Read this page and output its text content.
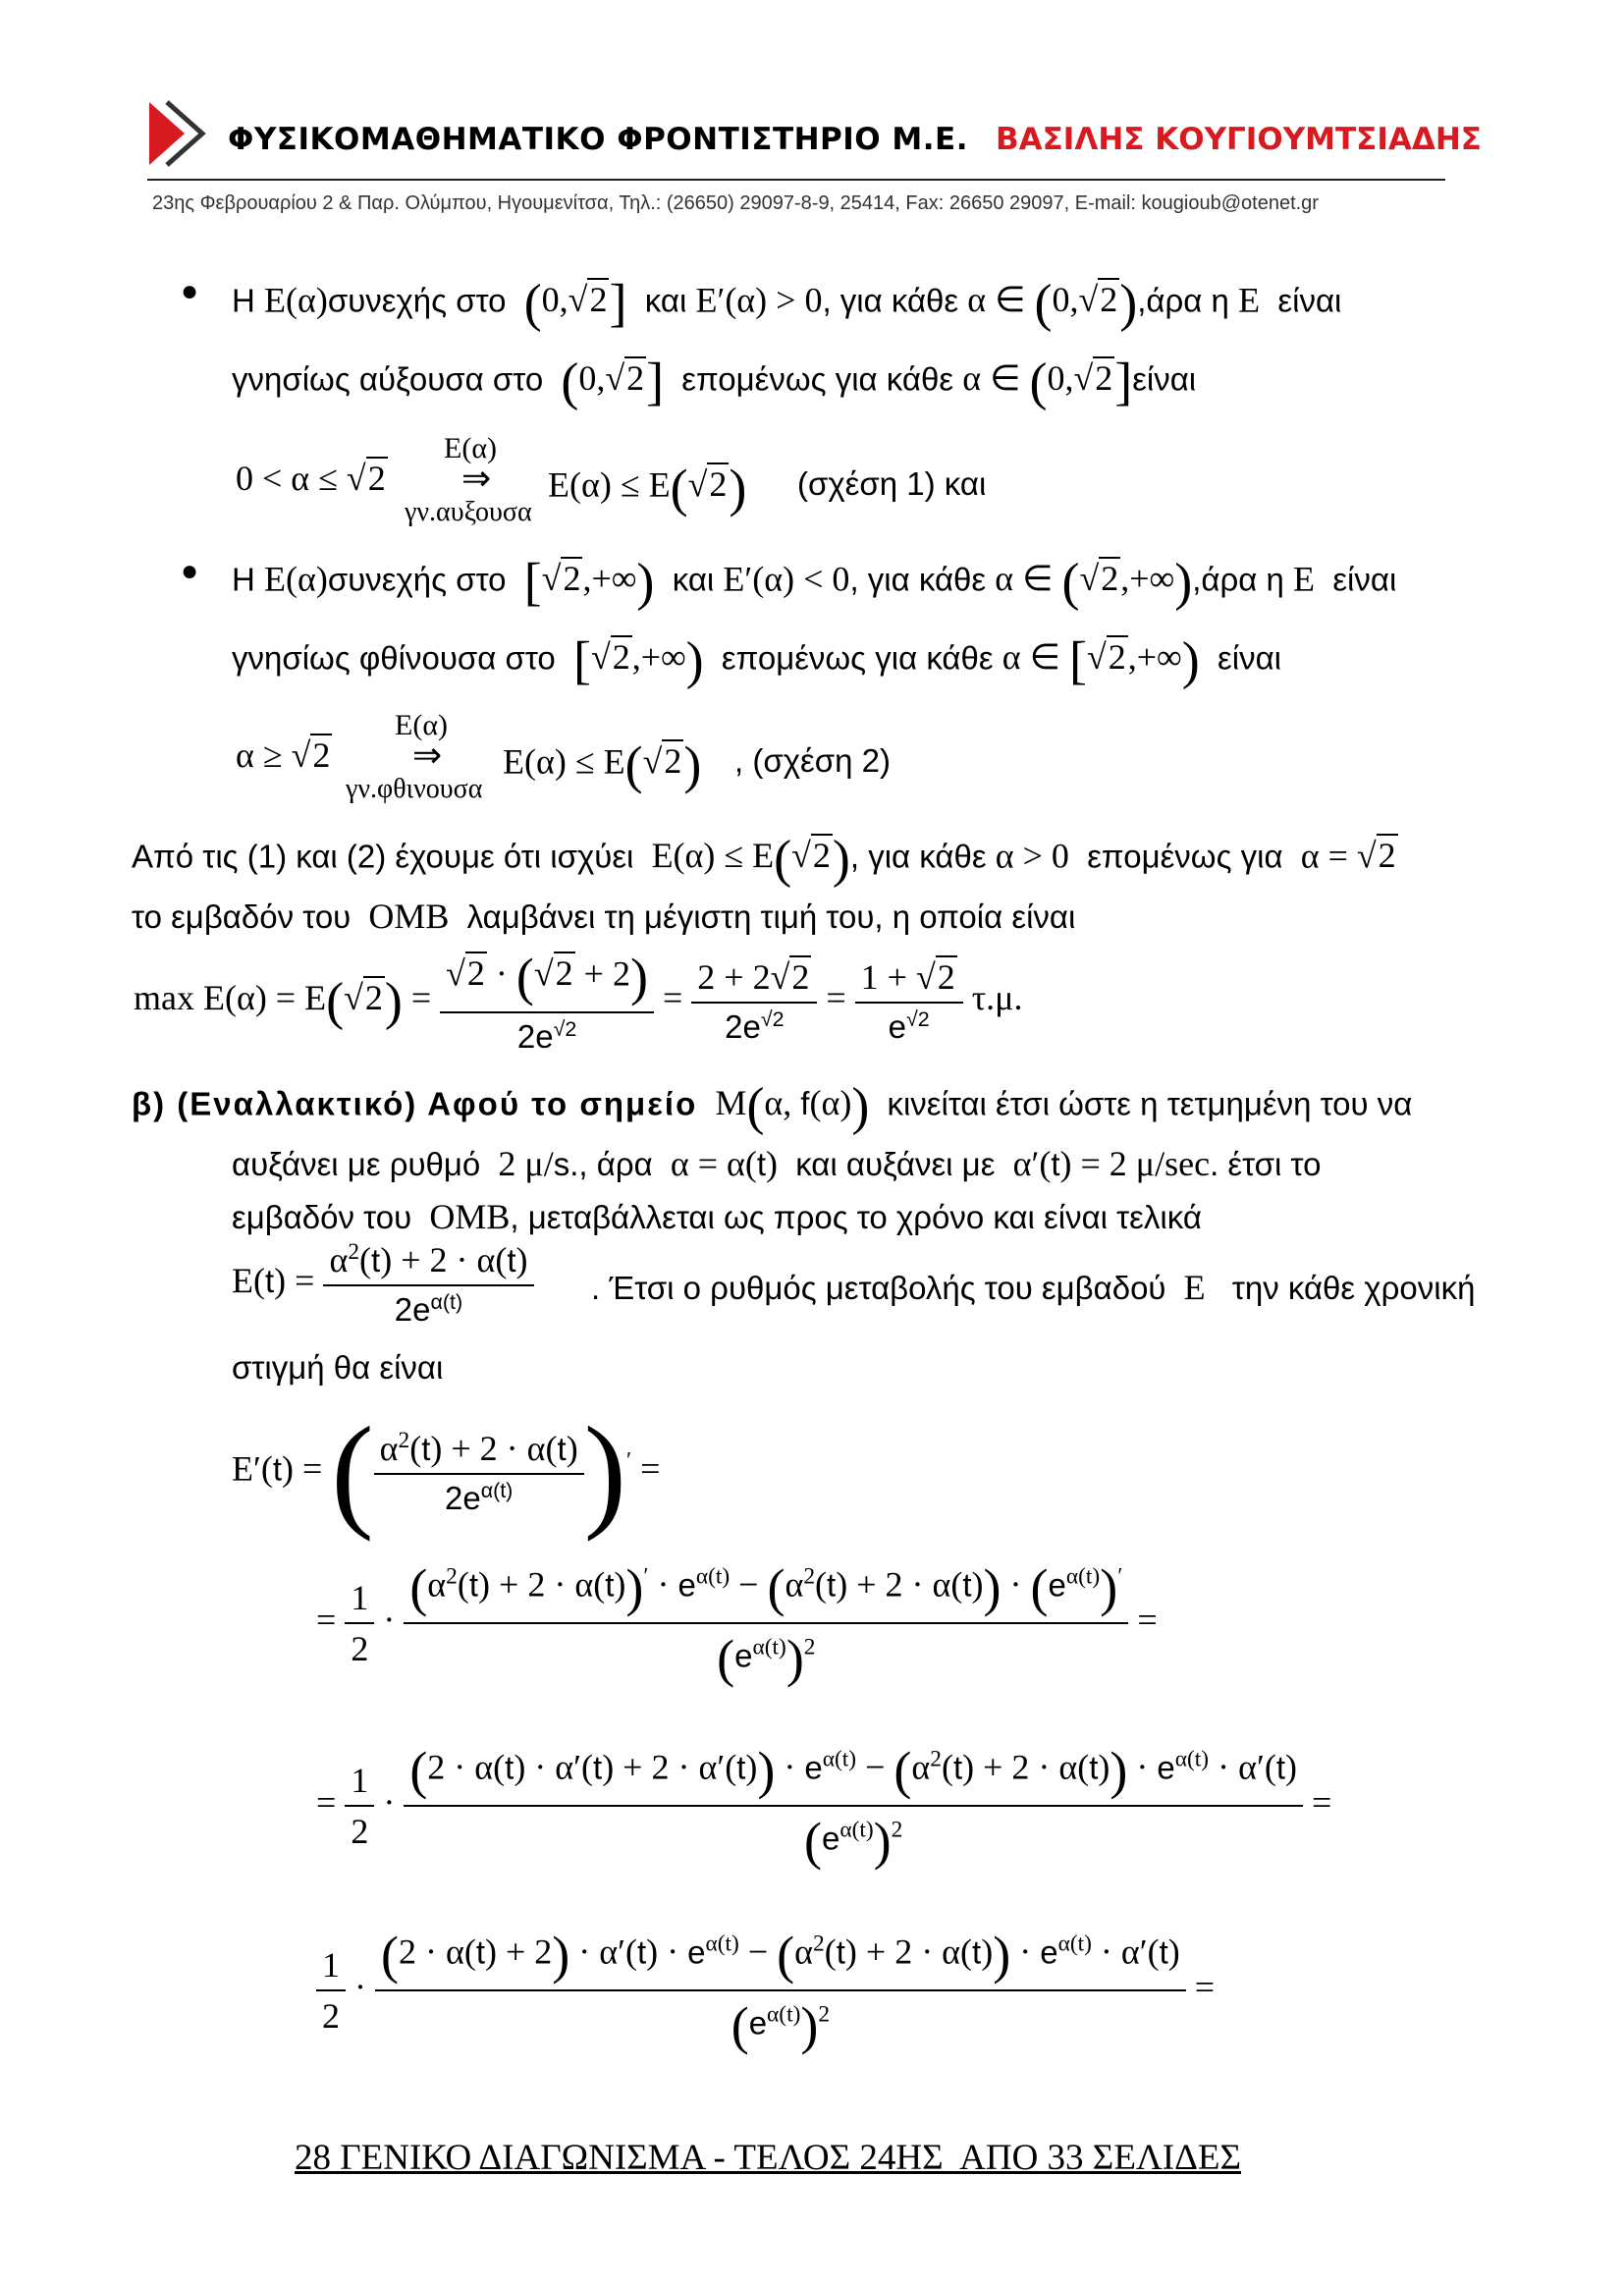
ΦΥΣΙΚΟΜΑΘΗΜΑΤΙΚΟ ΦΡΟΝΤΙΣΤΗΡΙΟ Μ.Ε. ΒΑΣΙΛΗΣ ΚΟΥΓΙΟΥΜΤΣΙΑΔΗΣ
23ης Φεβρουαρίου 2 & Παρ. Ολύμπου, Ηγουμενίτσα, Τηλ.: (26650) 29097-8-9, 25414, Fax: 26650 29097, E-mail: kougioub@otenet.gr
● Η Ε(α)συνεχής στο (0,√2] και Ε′(α) > 0, για κάθε α ∈ (0,√2),άρα η Ε είναι
γνησίως αύξουσα στο (0,√2] επομένως για κάθε α ∈ (0,√2]είναι
0 < α ≤ √2
Ε(α)
⇒
γν.αυξουσα
Ε(α) ≤ Ε(√2) (σχέση 1) και
● Η Ε(α)συνεχής στο [√2,+∞) και Ε′(α) < 0, για κάθε α ∈ (√2,+∞),άρα η Ε είναι
γνησίως φθίνουσα στο [√2,+∞) επομένως για κάθε α ∈ [√2,+∞) είναι
α ≥ √2
Ε(α)
⇒
γν.φθινουσα
Ε(α) ≤ Ε(√2) , (σχέση 2)
Από τις (1) και (2) έχουμε ότι ισχύει  Ε(α) ≤ Ε(√2), για κάθε α > 0 επομένως για  α = √2
το εμβαδόν του  ΟΜΒ  λαμβάνει τη μέγιστη τιμή του, η οποία είναι
$\max E(\alpha) = E(√2) = \frac{√2 \cdot (√2 + 2)}{2e^{√2}} = \frac{2 + 2√2}{2e^{√2}} = \frac{1 + √2}{e^{√2}} \tau.\mu$.
β) (Εναλλακτικό) Αφού το σημείο  Μ(α, f(α)) κινείται έτσι ώστε η τετμημένη του να
αυξάνει με ρυθμό  2 μ/s., άρα  α = α(t)  και αυξάνει με  α′(t) = 2 μ/sec. έτσι το
εμβαδόν του  ΟΜΒ, μεταβάλλεται ως προς το χρόνο και είναι τελικά
$E(t) = \frac{\alpha^2(t) + 2 \cdot \alpha(t)}{2e^{\alpha(t)}}$ . Έτσι ο ρυθμός μεταβολής του εμβαδού  Ε   την κάθε χρονική
στιγμή θα είναι
Ε′(t) = ( $\frac{\alpha^2(t) + 2 \cdot \alpha(t)}{2e^{\alpha(t)}} )'$ =
= $\frac{1}{2} \cdot \frac{(\alpha^2(t) + 2 \cdot \alpha(t))' \cdot e^{\alpha(t)} - (\alpha^2(t) + 2 \cdot \alpha(t)) \cdot (e^{\alpha(t)})'}{(e^{\alpha(t)})^2}$ =
= $\frac{1}{2}$ ·
$(2 \cdot \alpha(t) \cdot \alpha'(t) + 2 \cdot \alpha'(t)) \cdot e^{\alpha(t)} - (\alpha^2(t) + 2 \cdot \alpha(t)) \cdot e^{\alpha(t)} \cdot \alpha'(t)$
$(e^{\alpha(t)})^2$
=
$\frac{1}{2}$ ·
$(2 \cdot \alpha(t) + 2) \cdot \alpha'(t) \cdot e^{\alpha(t)} - (\alpha^2(t) + 2 \cdot \alpha(t)) \cdot e^{\alpha(t)} \cdot \alpha'(t)$
$(e^{\alpha(t)})^2$
=
28 ΓΕΝΙΚΟ ΔΙΑΓΩΝΙΣΜΑ - ΤΕΛΟΣ 24ΗΣ  ΑΠΟ 33 ΣΕΛΙΔΕΣ
